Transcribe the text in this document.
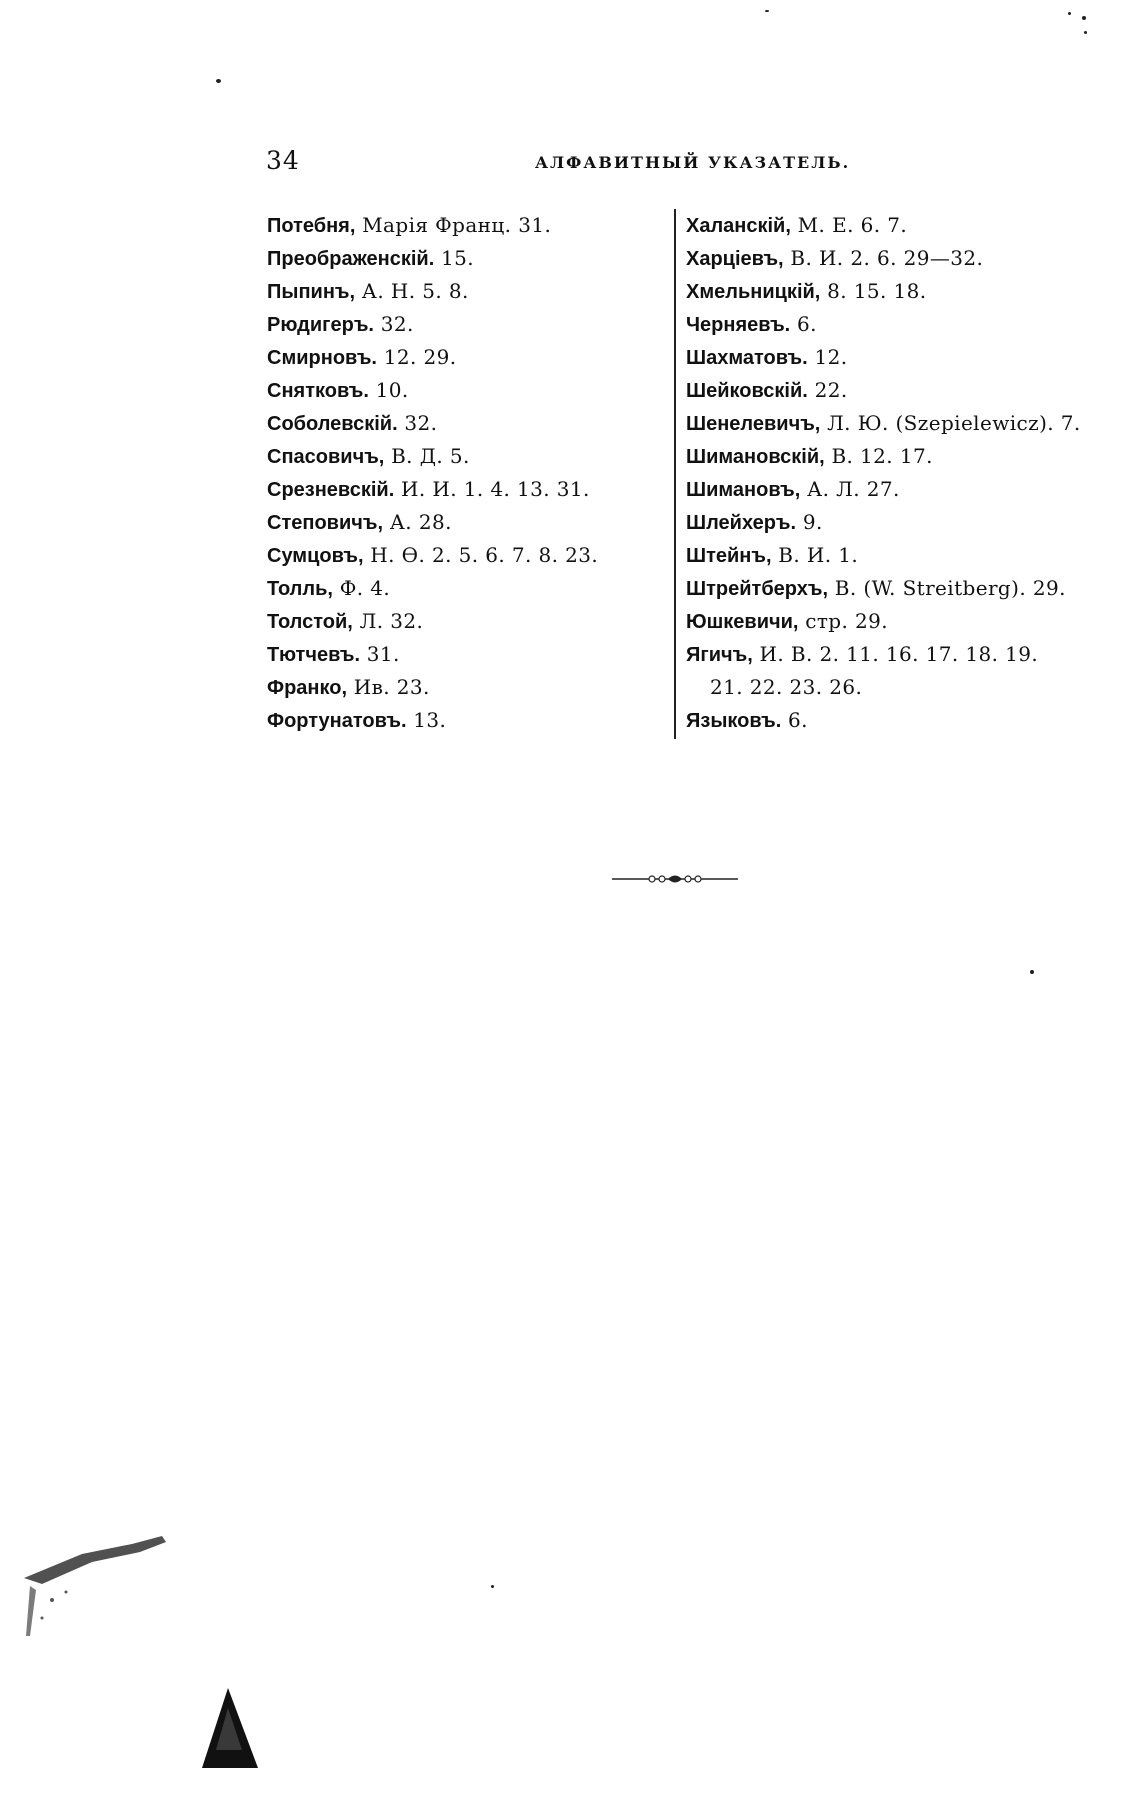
34	АЛФАВИТНЫЙ УКАЗАТЕЛЬ.
Потебня, Марія Франц. 31.
Преображенскій. 15.
Пыпинъ, А. Н. 5. 8.
Рюдигеръ. 32.
Смирновъ. 12. 29.
Снятковъ. 10.
Соболевскій. 32.
Спасовичъ, В. Д. 5.
Срезневскій. И. И. 1. 4. 13. 31.
Степовичъ, А. 28.
Сумцовъ, Н. Ѳ. 2. 5. 6. 7. 8. 23.
Толль, Ф. 4.
Толстой, Л. 32.
Тютчевъ. 31.
Франко, Ив. 23.
Фортунатовъ. 13.
Халанскій, М. Е. 6. 7.
Харціевъ, В. И. 2. 6. 29—32.
Хмельницкій, 8. 15. 18.
Черняевъ. 6.
Шахматовъ. 12.
Шейковскій. 22.
Шенелевичъ, Л. Ю. (Szepielewicz). 7.
Шимановскій, В. 12. 17.
Шимановъ, А. Л. 27.
Шлейхеръ. 9.
Штейнъ, В. И. 1.
Штрейтберхъ, В. (W. Streitberg). 29.
Юшкевичи, стр. 29.
Ягичъ, И. В. 2. 11. 16. 17. 18. 19.
21. 22. 23. 26.
Языковъ. 6.
